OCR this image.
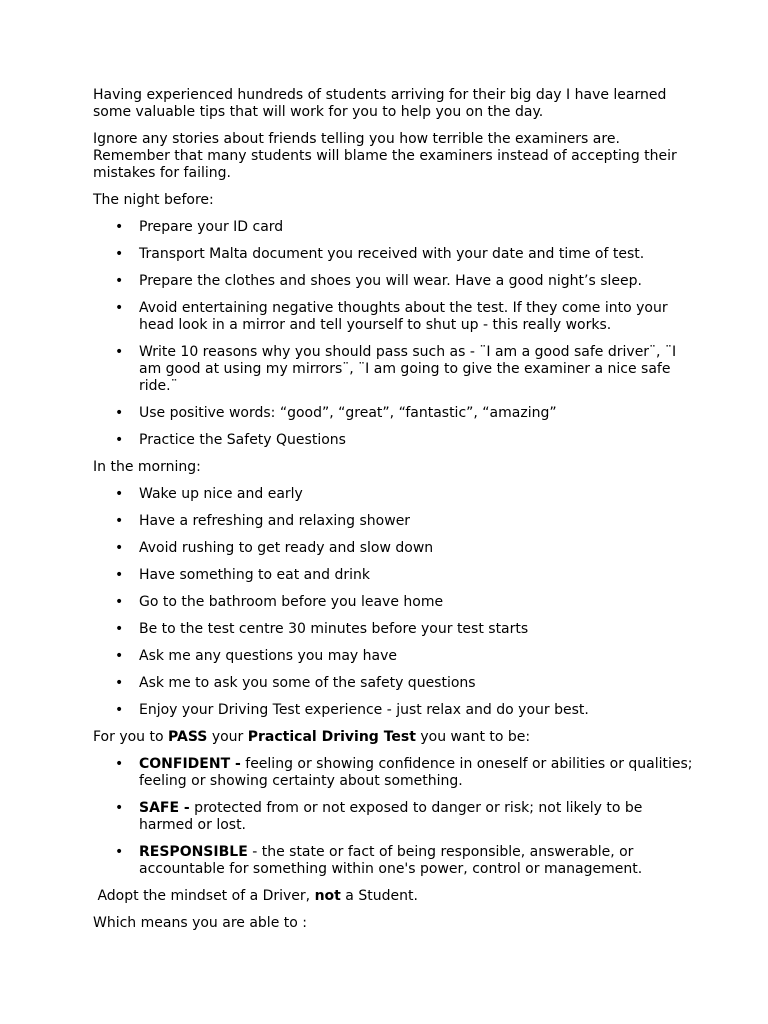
Having experienced hundreds of students arriving for their big day I have learned some valuable tips that will work for you to help you on the day.

Ignore any stories about friends telling you how terrible the examiners are. Remember that many students will blame the examiners instead of accepting their mistakes for failing.

The night before:

• Prepare your ID card
• Transport Malta document you received with your date and time of test.
• Prepare the clothes and shoes you will wear. Have a good night’s sleep.
• Avoid entertaining negative thoughts about the test. If they come into your head look in a mirror and tell yourself to shut up - this really works.
• Write 10 reasons why you should pass such as - ¨I am a good safe driver¨, ¨I am good at using my mirrors¨, ¨I am going to give the examiner a nice safe ride.¨
• Use positive words: “good”, “great”, “fantastic”, “amazing”
• Practice the Safety Questions

In the morning:

• Wake up nice and early
• Have a refreshing and relaxing shower
• Avoid rushing to get ready and slow down
• Have something to eat and drink
• Go to the bathroom before you leave home
• Be to the test centre 30 minutes before your test starts
• Ask me any questions you may have
• Ask me to ask you some of the safety questions
• Enjoy your Driving Test experience - just relax and do your best.

For you to PASS your Practical Driving Test you want to be:

• CONFIDENT - feeling or showing confidence in oneself or abilities or qualities; feeling or showing certainty about something.
• SAFE - protected from or not exposed to danger or risk; not likely to be harmed or lost.
• RESPONSIBLE - the state or fact of being responsible, answerable, or accountable for something within one's power, control or management.

Adopt the mindset of a Driver, not a Student.

Which means you are able to :
